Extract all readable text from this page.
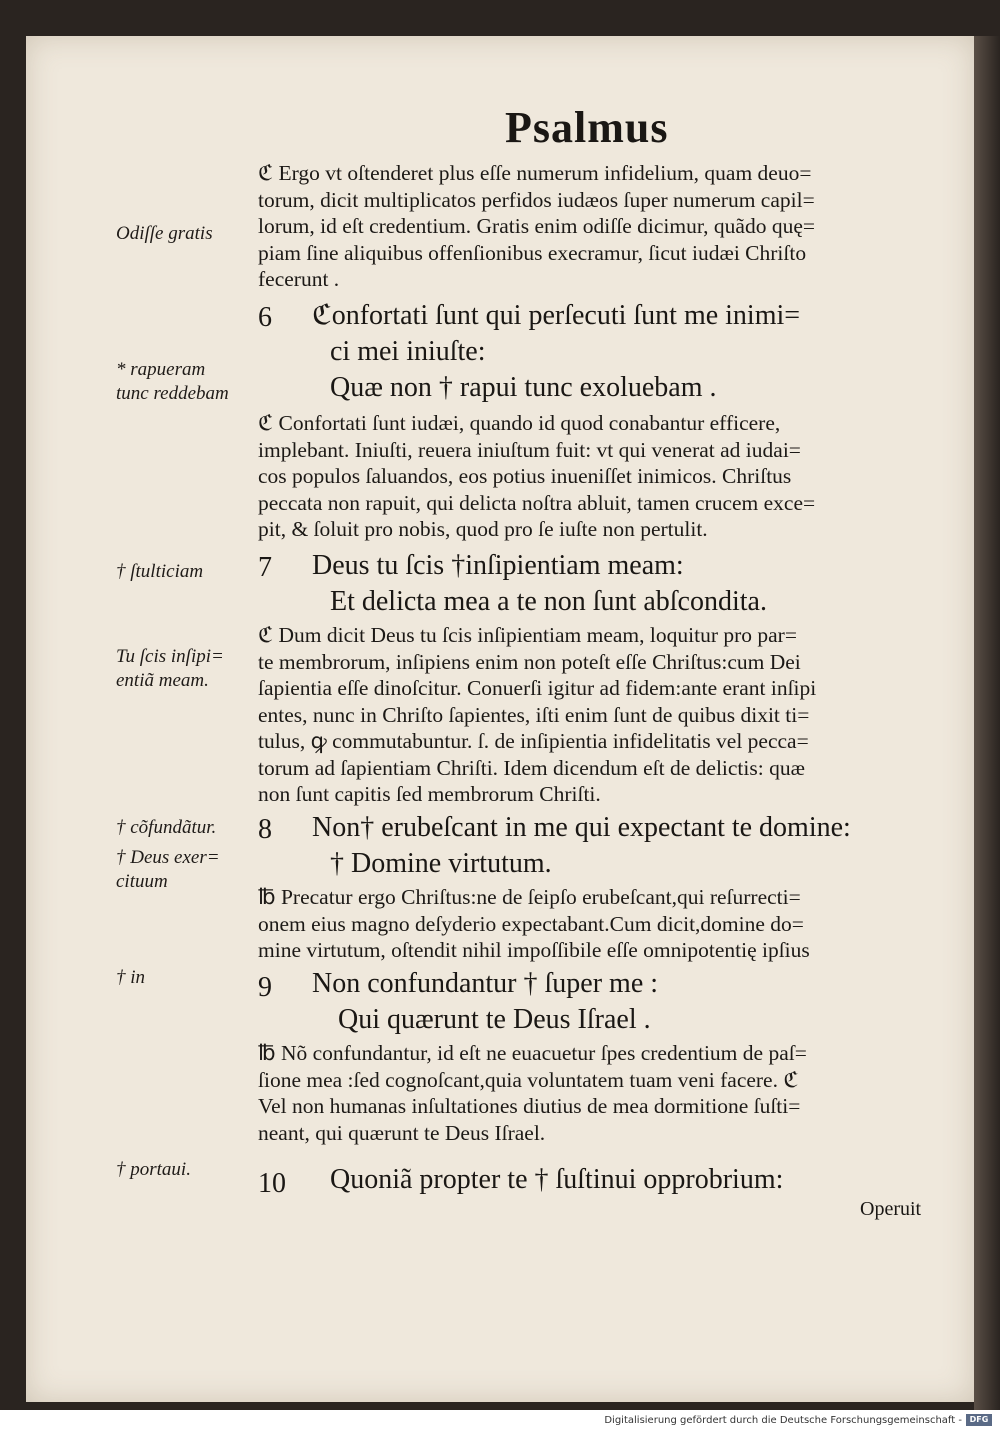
Psalmus
Odiſſe gratis
* rapueram
tunc reddebam
† ſtulticiam
Tu ſcis inſipi=
entiã meam.
† cõfundãtur.
† Deus exer=
cituum
† in
† portaui.
ℭ Ergo vt oſtenderet plus eſſe numerum infidelium, quam deuo=
torum, dicit multiplicatos perfidos iudæos ſuper numerum capil=
lorum, id eſt credentium. Gratis enim odiſſe dicimur, quãdo quę=
piam ſine aliquibus offenſionibus execramur, ſicut iudæi Chriſto
fecerunt .
6 ℭonfortati ſunt qui perſecuti ſunt me inimi=
ci mei iniuſte:
Quæ non † rapui tunc exoluebam .
ℭ Confortati ſunt iudæi, quando id quod conabantur efficere,
implebant. Iniuſti, reuera iniuſtum fuit: vt qui venerat ad iudai=
cos populos ſaluandos, eos potius inueniſſet inimicos. Chriſtus
peccata non rapuit, qui delicta noſtra abluit, tamen crucem exce=
pit, & ſoluit pro nobis, quod pro ſe iuſte non pertulit.
7 Deus tu ſcis †inſipientiam meam:
Et delicta mea a te non ſunt abſcondita.
ℭ Dum dicit Deus tu ſcis inſipientiam meam, loquitur pro par=
te membrorum, inſipiens enim non poteſt eſſe Chriſtus:cum Dei
ſapientia eſſe dinoſcitur. Conuerſi igitur ad fidem:ante erant inſipi
entes, nunc in Chriſto ſapientes, iſti enim ſunt de quibus dixit ti=
tulus, ꝙ commutabuntur. ſ. de inſipientia infidelitatis vel pecca=
torum ad ſapientiam Chriſti. Idem dicendum eſt de delictis: quæ
non ſunt capitis ſed membrorum Chriſti.
8 Non† erubeſcant in me qui expectant te domine:
† Domine virtutum.
℔ Precatur ergo Chriſtus:ne de ſeipſo erubeſcant,qui reſurrecti=
onem eius magno deſyderio expectabant.Cum dicit,domine do=
mine virtutum, oſtendit nihil impoſſibile eſſe omnipotentię ipſius
9 Non confundantur † ſuper me :
Qui quærunt te Deus Iſrael .
℔ Nõ confundantur, id eſt ne euacuetur ſpes credentium de paſ=
ſione mea :ſed cognoſcant,quia voluntatem tuam veni facere. ℭ
Vel non humanas inſultationes diutius de mea dormitione ſuſti=
neant, qui quærunt te Deus Iſrael.
10 Quoniã propter te † ſuſtinui opprobrium:
Operuit
Digitalisierung gefördert durch die Deutsche Forschungsgemeinschaft - DFG
